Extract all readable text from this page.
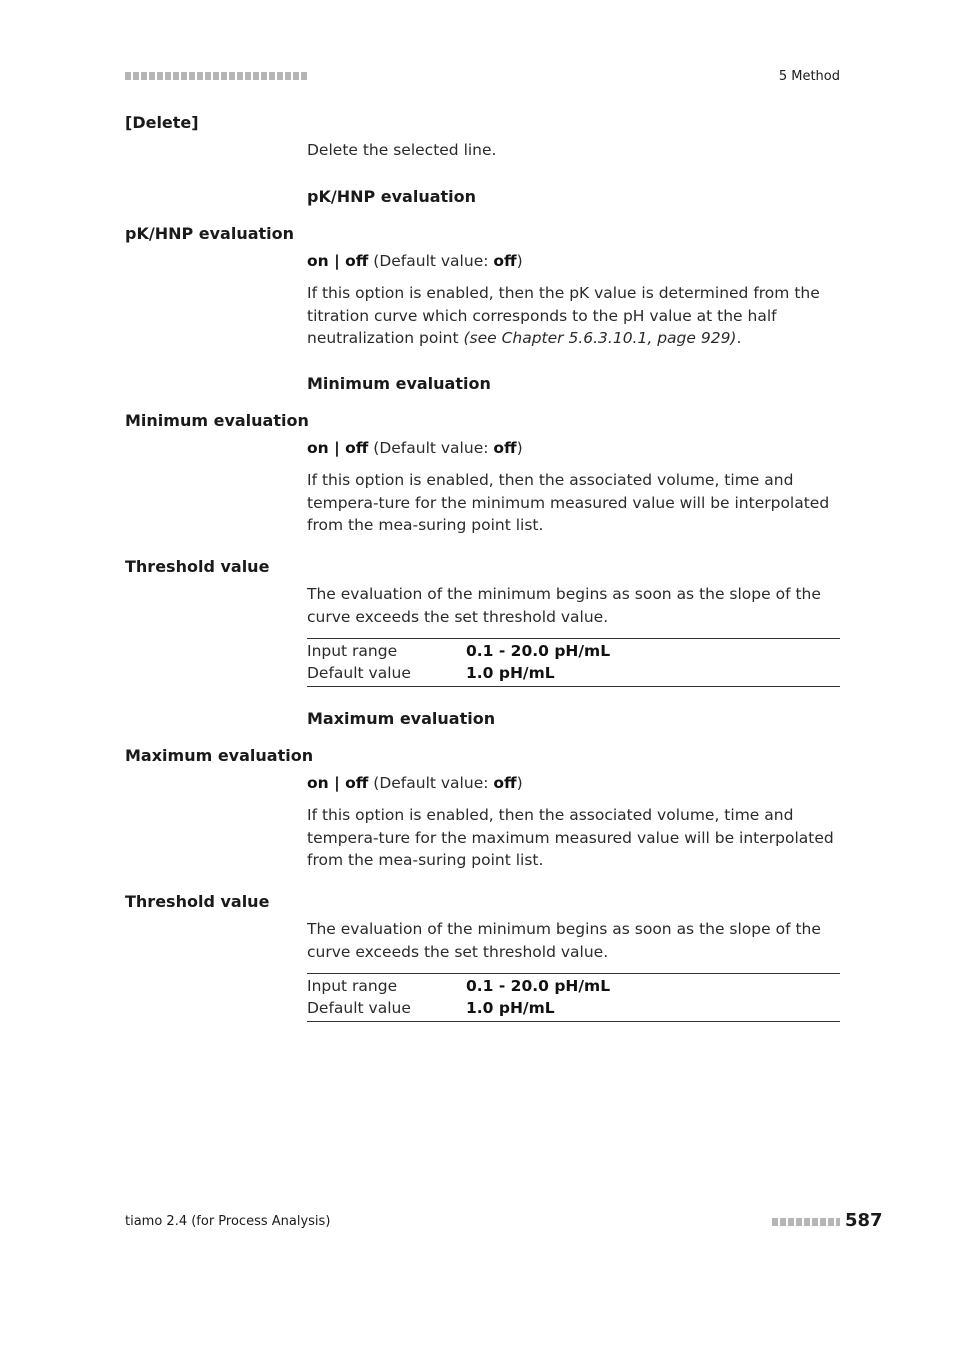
5 Method
[Delete]
Delete the selected line.
pK/HNP evaluation
pK/HNP evaluation
on | off (Default value: off)
If this option is enabled, then the pK value is determined from the titration curve which corresponds to the pH value at the half neutralization point (see Chapter 5.6.3.10.1, page 929).
Minimum evaluation
Minimum evaluation
on | off (Default value: off)
If this option is enabled, then the associated volume, time and tempera-ture for the minimum measured value will be interpolated from the mea-suring point list.
Threshold value
The evaluation of the minimum begins as soon as the slope of the curve exceeds the set threshold value.
Input range	0.1 - 20.0 pH/mL
Default value	1.0 pH/mL
Maximum evaluation
Maximum evaluation
on | off (Default value: off)
If this option is enabled, then the associated volume, time and tempera-ture for the maximum measured value will be interpolated from the mea-suring point list.
Threshold value
The evaluation of the minimum begins as soon as the slope of the curve exceeds the set threshold value.
Input range	0.1 - 20.0 pH/mL
Default value	1.0 pH/mL
tiamo 2.4 (for Process Analysis)	587
